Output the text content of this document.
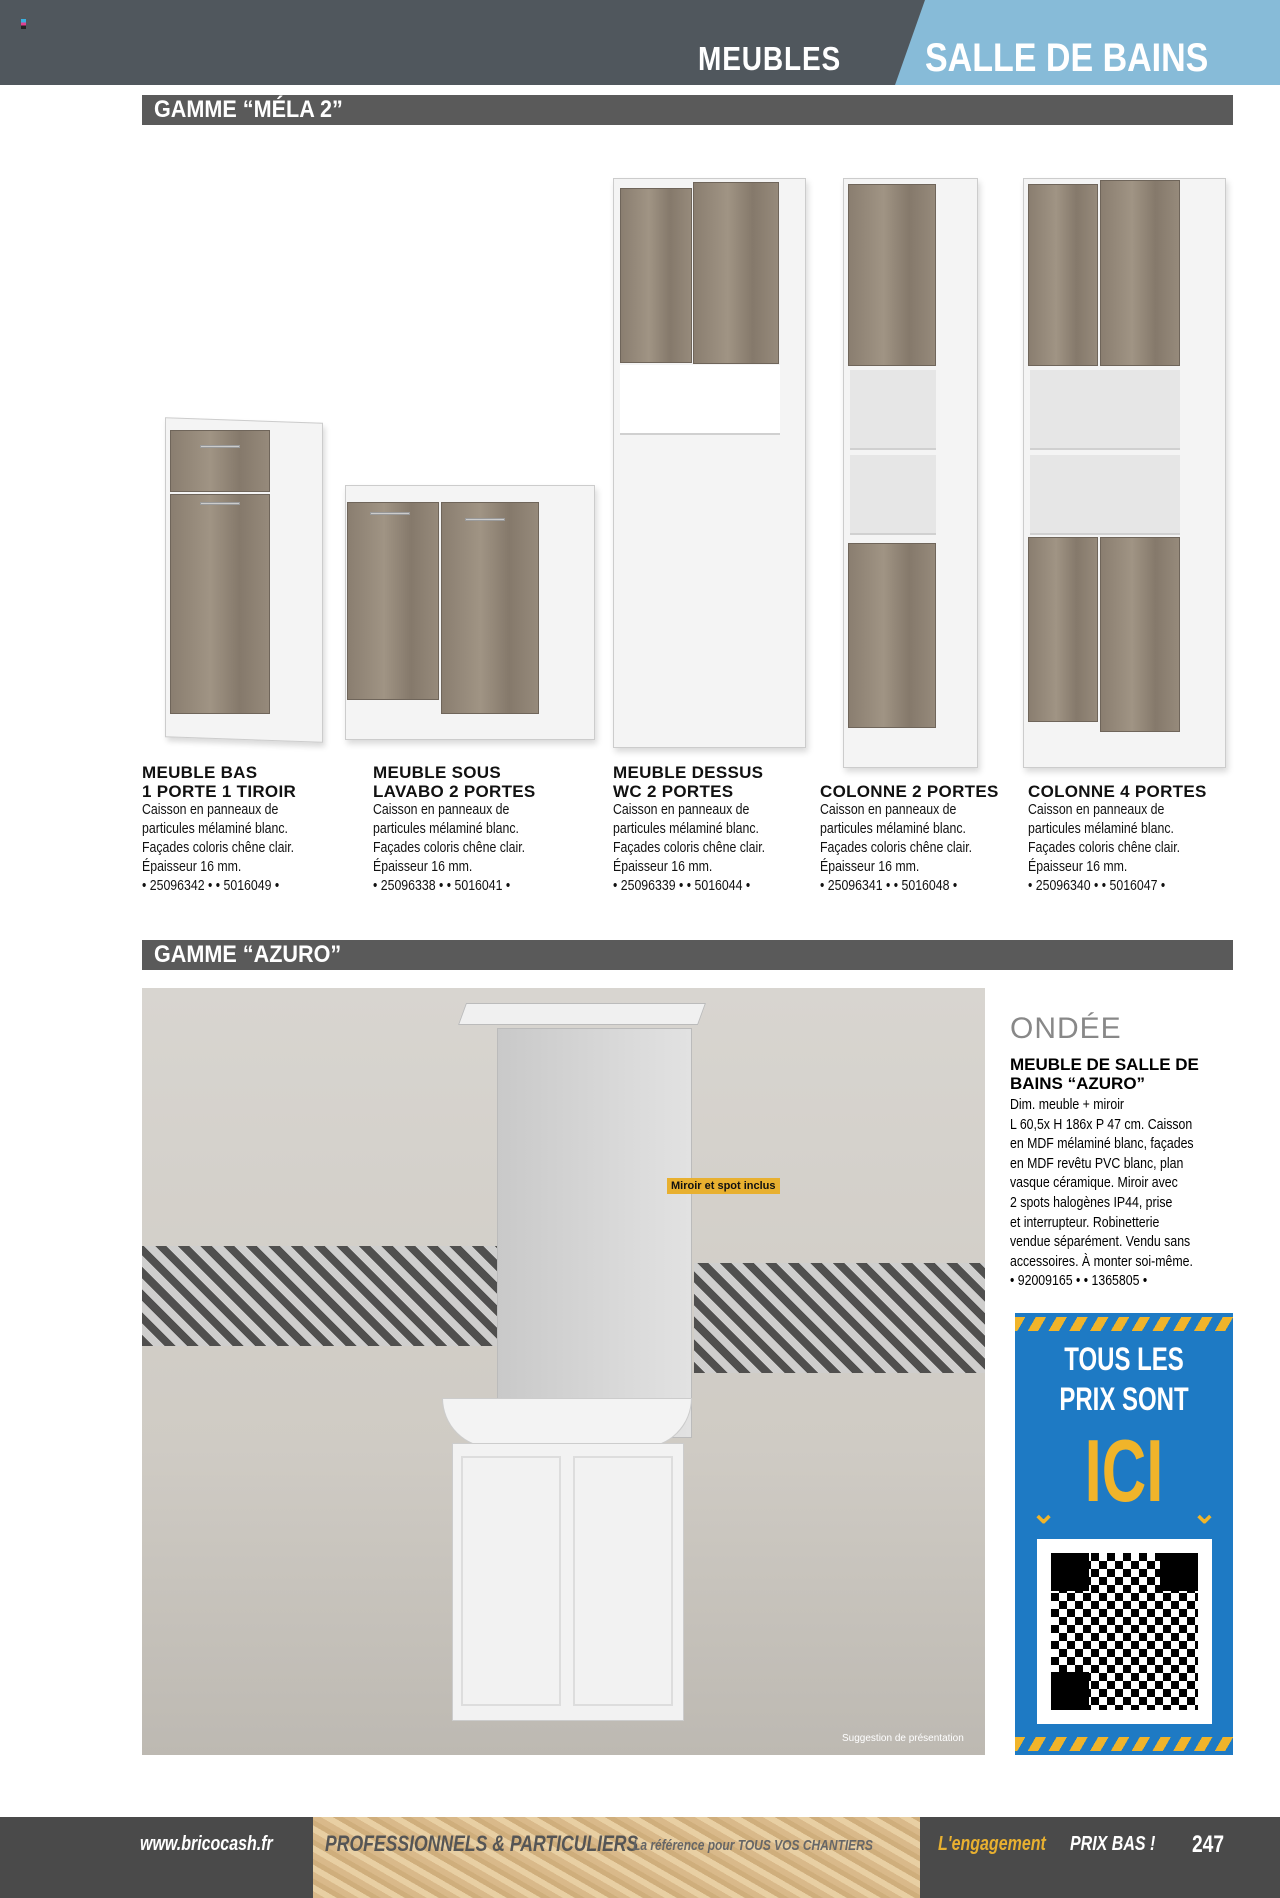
MEUBLES SALLE DE BAINS
GAMME “MÉLA 2”
MEUBLE BAS
1 PORTE 1 TIROIR
Caisson en panneaux de
particules mélaminé blanc.
Façades coloris chêne clair.
Épaisseur 16 mm.
• 25096342 • • 5016049 •
MEUBLE SOUS
LAVABO 2 PORTES
Caisson en panneaux de
particules mélaminé blanc.
Façades coloris chêne clair.
Épaisseur 16 mm.
• 25096338 • • 5016041 •
MEUBLE DESSUS
WC 2 PORTES
Caisson en panneaux de
particules mélaminé blanc.
Façades coloris chêne clair.
Épaisseur 16 mm.
• 25096339 • • 5016044 •
COLONNE 2 PORTES
Caisson en panneaux de
particules mélaminé blanc.
Façades coloris chêne clair.
Épaisseur 16 mm.
• 25096341 • • 5016048 •
COLONNE 4 PORTES
Caisson en panneaux de
particules mélaminé blanc.
Façades coloris chêne clair.
Épaisseur 16 mm.
• 25096340 • • 5016047 •
GAMME “AZURO”
Miroir et spot inclus
Suggestion de présentation
ONDÉE
MEUBLE DE SALLE DE
BAINS “AZURO”
Dim. meuble + miroir
L 60,5x H 186x P 47 cm. Caisson
en MDF mélaminé blanc, façades
en MDF revêtu PVC blanc, plan
vasque céramique. Miroir avec
2 spots halogènes IP44, prise
et interrupteur. Robinetterie
vendue séparément. Vendu sans
accessoires. À monter soi-même.
• 92009165 • • 1365805 •
TOUS LES
PRIX SONT
ICI
⌄	⌄
www.bricocash.fr PROFESSIONNELS & PARTICULIERS
La référence pour TOUS VOS CHANTIERS	L'engagement PRIX BAS ! 247
